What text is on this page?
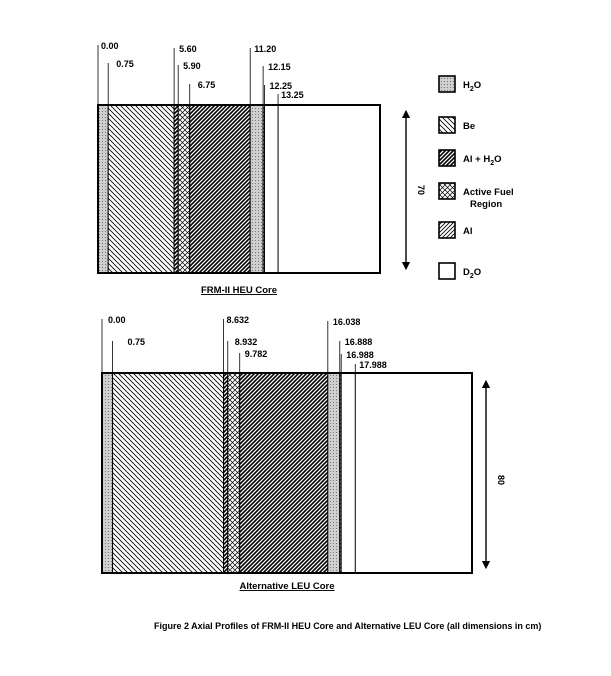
0.00
0.75
5.60
5.90
6.75
11.20
12.15
12.25
13.25
70
FRM-II HEU Core
0.00
0.75
8.632
8.932
9.782
16.038
16.888
16.988
17.988
80
Alternative LEU Core
$H_2O$
Be
$Al + H_2O$
Active Fuel
Region
Al
$D_2O$
Figure 2 Axial Profiles of FRM-II HEU Core and Alternative LEU Core (all dimensions in cm)
